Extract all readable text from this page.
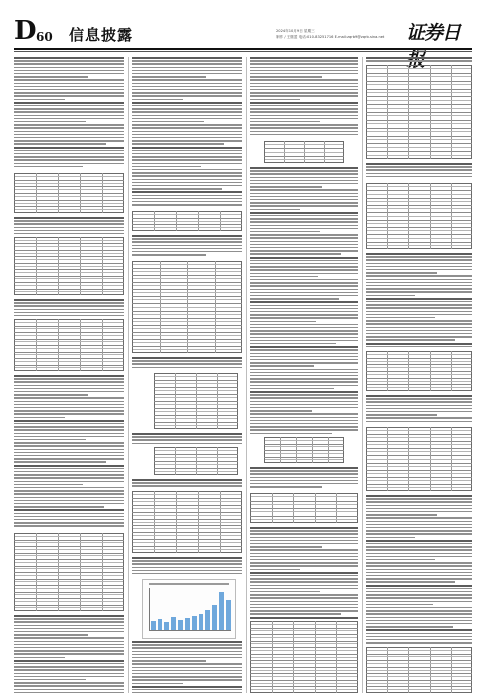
D 60 信息披露	2024年10月9日 星期三
制作 / 王继盈 电话:010-83251716 E-mail:zqrb9@zqrb.sina.net	证券日
